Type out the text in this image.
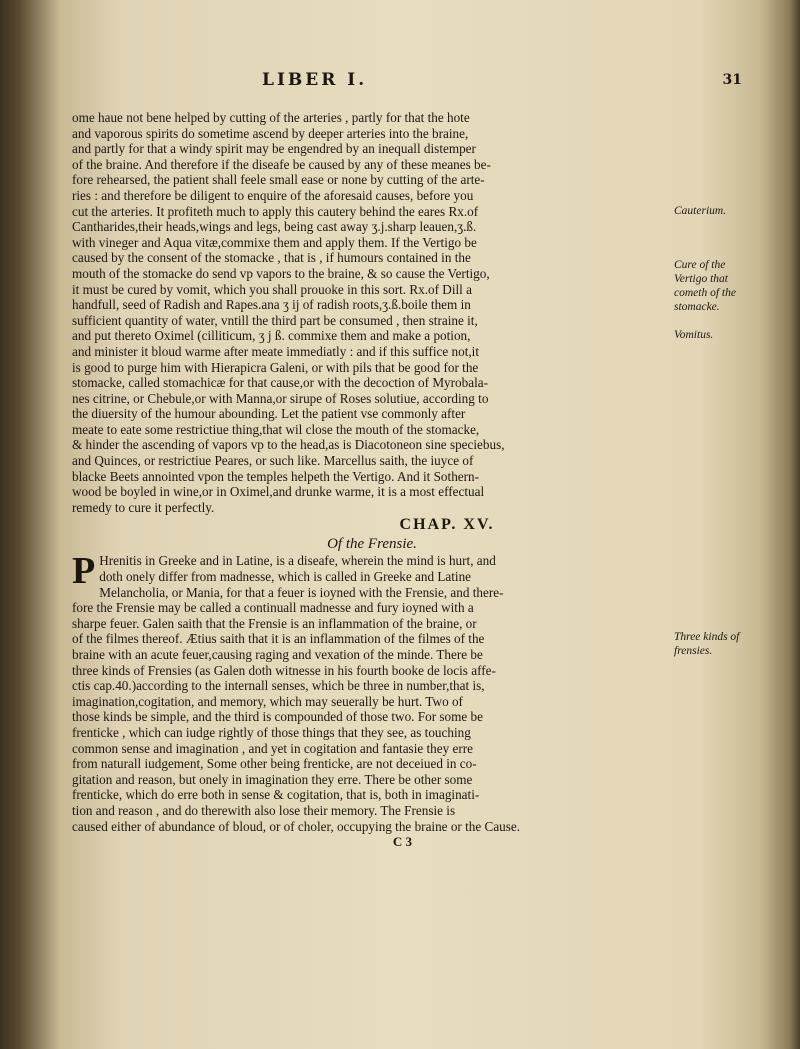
LIBER I.	31
ome haue not bene helped by cutting of the arteries , partly for that the hote
and vaporous spirits do sometime ascend by deeper arteries into the braine,
and partly for that a windy spirit may be engendred by an inequall distemper
of the braine. And therefore if the diseafe be caused by any of these meanes be-
fore rehearsed, the patient shall feele small ease or none by cutting of the arte-
ries : and therefore be diligent to enquire of the aforesaid causes, before you
cut the arteries. It profiteth much to apply this cautery behind the eares Rx.of
Cantharides,their heads,wings and legs, being cast away ʒ.j.sharp leauen,ʒ.ß.
with vineger and Aqua vitæ,commixe them and apply them. If the Vertigo be
caused by the consent of the stomacke , that is , if humours contained in the
mouth of the stomacke do send vp vapors to the braine, & so cause the Vertigo,
it must be cured by vomit, which you shall prouoke in this sort. Rx.of Dill a
handfull, seed of Radish and Rapes.ana ʒ ij of radish roots,ʒ.ß.boile them in
sufficient quantity of water, vntill the third part be consumed , then straine it,
and put thereto Oximel (cilliticum, ʒ j ß. commixe them and make a potion,
and minister it bloud warme after meate immediatly : and if this suffice not,it
is good to purge him with Hierapicra Galeni, or with pils that be good for the
stomacke, called stomachicæ for that cause,or with the decoction of Myrobala-
nes citrine, or Chebule,or with Manna,or sirupe of Roses solutiue, according to
the diuersity of the humour abounding. Let the patient vse commonly after
meate to eate some restrictiue thing,that wil close the mouth of the stomacke,
& hinder the ascending of vapors vp to the head,as is Diacotoneon sine speciebus,
and Quinces, or restrictiue Peares, or such like. Marcellus saith, the iuyce of
blacke Beets annointed vpon the temples helpeth the Vertigo. And it Sothern-
wood be boyled in wine,or in Oximel,and drunke warme, it is a most effectual
remedy to cure it perfectly.
CHAP. XV.
Of the Frensie.
P Hrenitis in Greeke and in Latine, is a diseafe, wherein the mind is hurt, and
doth onely differ from madnesse, which is called in Greeke and Latine
Melancholia, or Mania, for that a feuer is ioyned with the Frensie, and there-
fore the Frensie may be called a continuall madnesse and fury ioyned with a
sharpe feuer. Galen saith that the Frensie is an inflammation of the braine, or
of the filmes thereof. Ætius saith that it is an inflammation of the filmes of the
braine with an acute feuer,causing raging and vexation of the minde. There be
three kinds of Frensies (as Galen doth witnesse in his fourth booke de locis affe-
ctis cap.40.)according to the internall senses, which be three in number,that is,
imagination,cogitation, and memory, which may seuerally be hurt. Two of
those kinds be simple, and the third is compounded of those two. For some be
frenticke , which can iudge rightly of those things that they see, as touching
common sense and imagination , and yet in cogitation and fantasie they erre
from naturall iudgement, Some other being frenticke, are not deceiued in co-
gitation and reason, but onely in imagination they erre. There be other some
frenticke, which do erre both in sense & cogitation, that is, both in imaginati-
tion and reason , and do therewith also lose their memory. The Frensie is
caused either of abundance of bloud, or of choler, occupying the braine or the Cause.
C 3
Cauterium.
Cure of the Vertigo that cometh of the stomacke.
Vomitus.
Three kinds of frensies.
